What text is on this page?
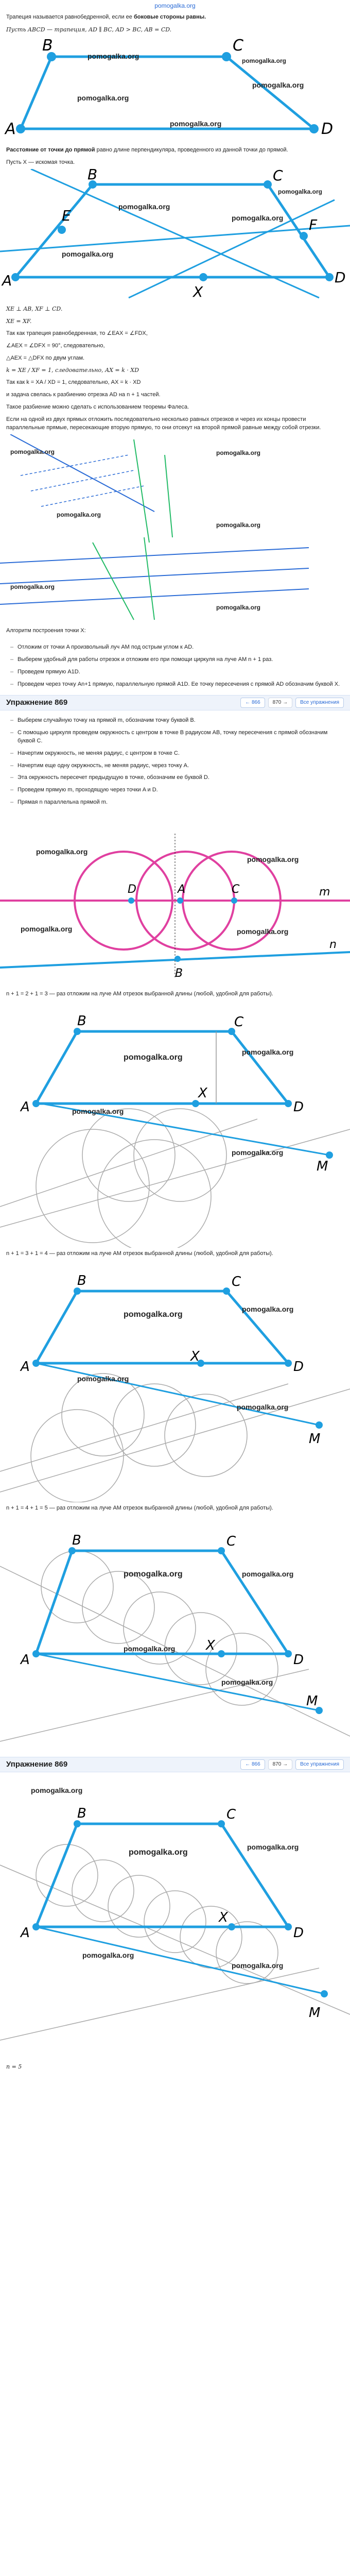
pomogalka.org
Трапеция называется равнобедренной, если ее боковые стороны равны.
Пусть ABCD — трапеция, AD ∥ BC, AD > BC, AB = CD.
B	C
A	D
pomogalka.org
pomogalka.org
pomogalka.org
pomogalka.org
pomogalka.org
Расстояние от точки до прямой равно длине перпендикуляра, проведенного из данной точки до прямой.
Пусть X — искомая точка.
B	C
A	D
E
F
X
pomogalka.org
pomogalka.org
pomogalka.org
pomogalka.org
XE ⊥ AB, XF ⊥ CD.
XE = XF.
Так как трапеция равнобедренная, то ∠EAX = ∠FDX,
∠AEX = ∠DFX = 90°, следовательно,
△AEX = △DFX по двум углам.
k = XE / XF = 1, следовательно, AX = k · XD
Так как k = XA / XD = 1, следовательно, AX = k · XD
и задача свелась к разбиению отрезка AD на n + 1 частей.
Такое разбиение можно сделать с использованием теоремы Фалеса.
Если на одной из двух прямых отложить последовательно несколько равных отрезков и через их концы провести параллельные прямые, пересекающие вторую прямую, то они отсекут на второй прямой равные между собой отрезки.
pomogalka.org	pomogalka.org
pomogalka.org
pomogalka.org
pomogalka.org
pomogalka.org
Алгоритм построения точки X:
– Отложим от точки A произвольный луч AM под острым углом к AD.
– Выберем удобный для работы отрезок и отложим его при помощи циркуля на луче AM n + 1 раз.
– Проведем прямую A1D.
– Проведем через точку An+1 прямую, параллельную прямой A1D. Ее точку пересечения с прямой AD обозначим буквой X.
Упражнение 869	← 866	870 →	Все упражнения
– Выберем случайную точку на прямой m, обозначим точку буквой B.
– С помощью циркуля проведем окружность с центром в точке B радиусом AB, точку пересечения с прямой обозначим буквой C.
– Начертим окружность, не меняя радиус, с центром в точке C.
– Начертим еще одну окружность, не меняя радиус, через точку A.
– Эта окружность пересечет предыдущую в точке, обозначим ее буквой D.
– Проведем прямую m, проходящую через точки A и D.
– Прямая n параллельна прямой m.
D	A	C
B
m
n
pomogalka.org
pomogalka.org
pomogalka.org	pomogalka.org
n + 1 = 2 + 1 = 3 — раз отложим на луче AM отрезок выбранной длины (любой, удобной для работы).
B	C
A	D
X
M
pomogalka.org
pomogalka.org
pomogalka.org
pomogalka.org
n + 1 = 3 + 1 = 4 — раз отложим на луче AM отрезок выбранной длины (любой, удобной для работы).
B	C
A	D
X
M
pomogalka.org
pomogalka.org
pomogalka.org
pomogalka.org
n + 1 = 4 + 1 = 5 — раз отложим на луче AM отрезок выбранной длины (любой, удобной для работы).
B	C
A	D
X
M
pomogalka.org	pomogalka.org
pomogalka.org
pomogalka.org
Упражнение 869	← 866	870 →	Все упражнения
B	C
A	D
X
M
pomogalka.org
pomogalka.org
pomogalka.org
pomogalka.org
pomogalka.org
n = 5
